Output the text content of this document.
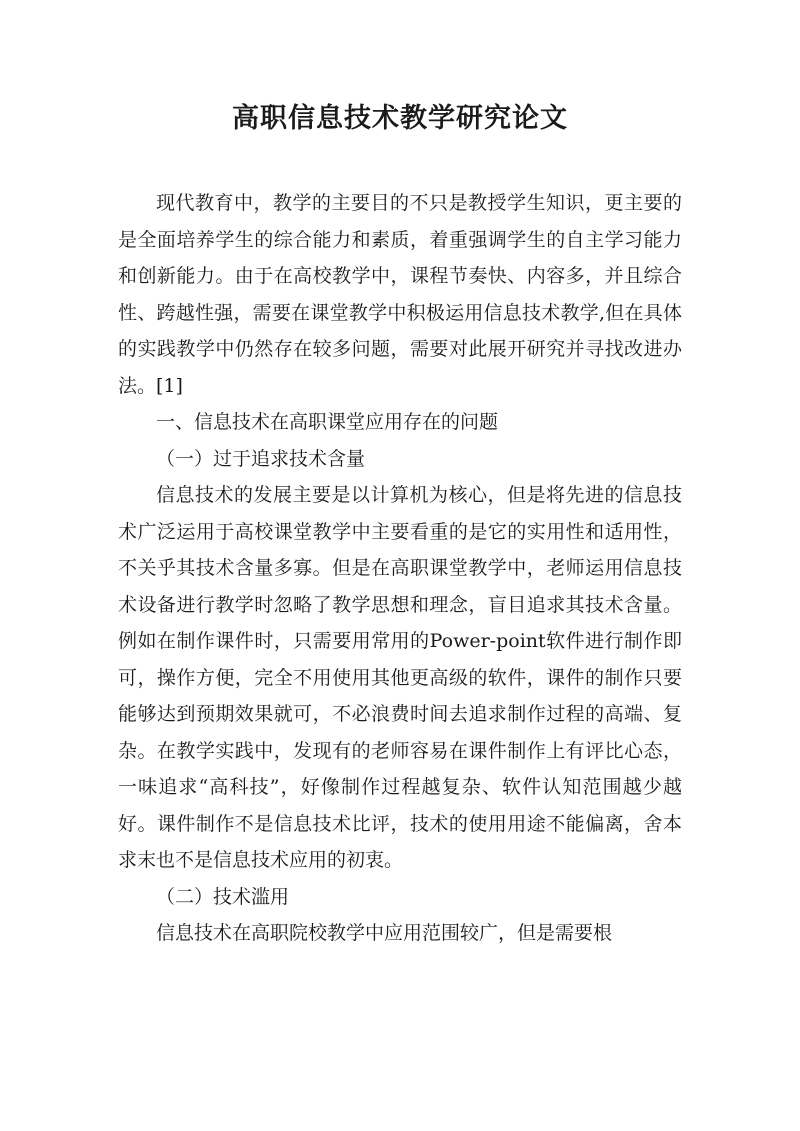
高职信息技术教学研究论文

现代教育中，教学的主要目的不只是教授学生知识，更主要的是全面培养学生的综合能力和素质，着重强调学生的自主学习能力和创新能力。由于在高校教学中，课程节奏快、内容多，并且综合性、跨越性强，需要在课堂教学中积极运用信息技术教学,但在具体的实践教学中仍然存在较多问题，需要对此展开研究并寻找改进办法。[1]

一、信息技术在高职课堂应用存在的问题

（一）过于追求技术含量

信息技术的发展主要是以计算机为核心，但是将先进的信息技术广泛运用于高校课堂教学中主要看重的是它的实用性和适用性，不关乎其技术含量多寡。但是在高职课堂教学中，老师运用信息技术设备进行教学时忽略了教学思想和理念，盲目追求其技术含量。例如在制作课件时，只需要用常用的Power-point软件进行制作即可，操作方便，完全不用使用其他更高级的软件，课件的制作只要能够达到预期效果就可，不必浪费时间去追求制作过程的高端、复杂。在教学实践中，发现有的老师容易在课件制作上有评比心态，一味追求“高科技”，好像制作过程越复杂、软件认知范围越少越好。课件制作不是信息技术比评，技术的使用用途不能偏离，舍本求末也不是信息技术应用的初衷。

（二）技术滥用

信息技术在高职院校教学中应用范围较广，但是需要根
